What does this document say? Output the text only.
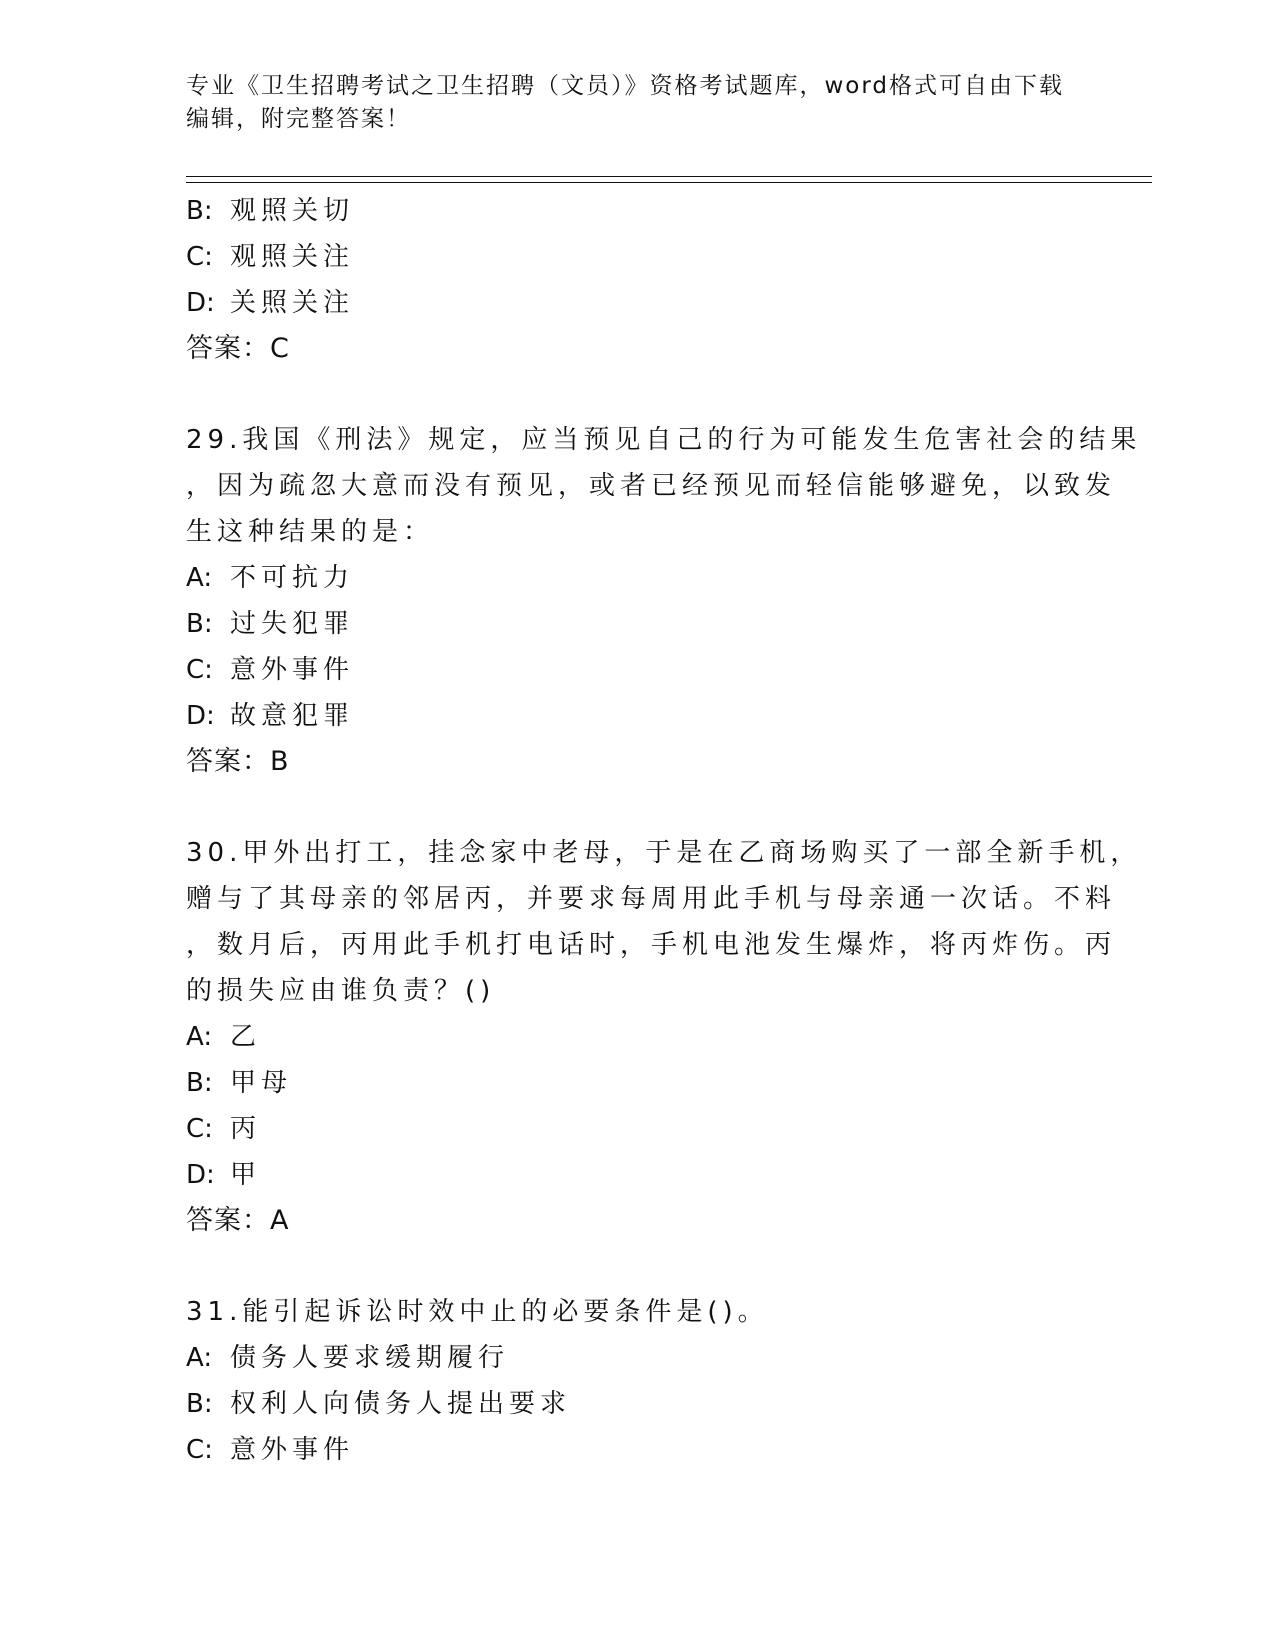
专业《卫生招聘考试之卫生招聘（文员）》资格考试题库，word格式可自由下载
编辑，附完整答案！
B: 观照关切
C: 观照关注
D: 关照关注
答案：C
29.我国《刑法》规定，应当预见自己的行为可能发生危害社会的结果
，因为疏忽大意而没有预见，或者已经预见而轻信能够避免，以致发
生这种结果的是：
A: 不可抗力
B: 过失犯罪
C: 意外事件
D: 故意犯罪
答案：B
30.甲外出打工，挂念家中老母，于是在乙商场购买了一部全新手机，
赠与了其母亲的邻居丙，并要求每周用此手机与母亲通一次话。不料
，数月后，丙用此手机打电话时，手机电池发生爆炸，将丙炸伤。丙
的损失应由谁负责？()
A: 乙
B: 甲母
C: 丙
D: 甲
答案：A
31.能引起诉讼时效中止的必要条件是()。
A: 债务人要求缓期履行
B: 权利人向债务人提出要求
C: 意外事件
